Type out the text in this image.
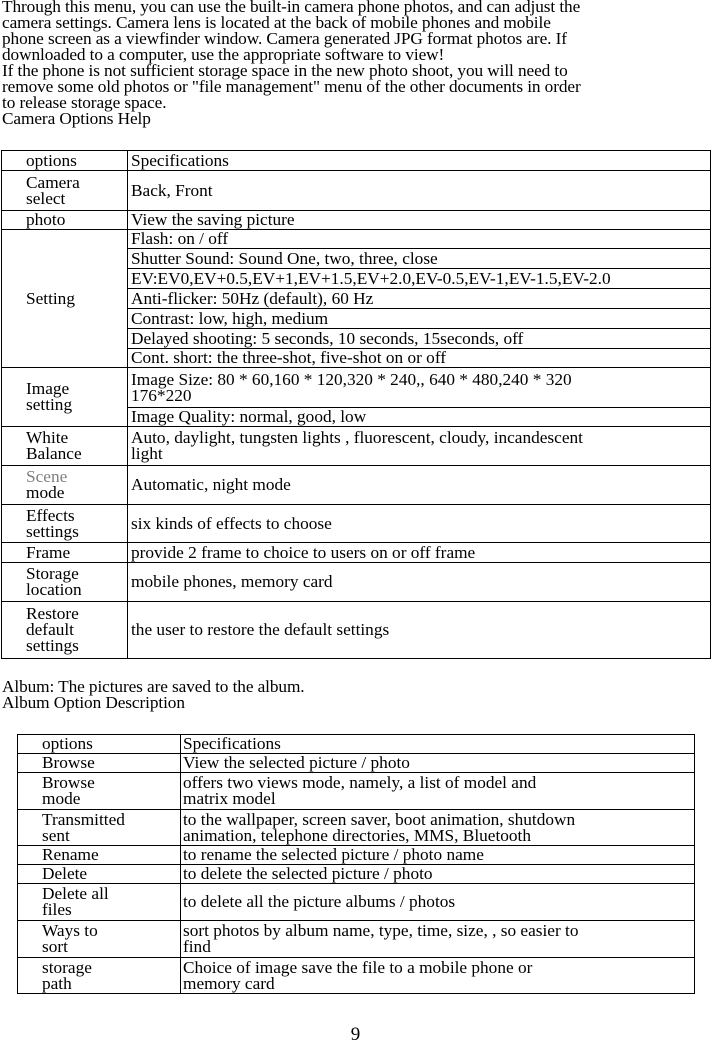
Through this menu, you can use the built-in camera phone photos, and can adjust the

camera settings. Camera lens is located at the back of mobile phones and mobile

phone screen as a viewfinder window. Camera generated JPG format photos are. If

downloaded to a computer, use the appropriate software to view!

If the phone is not sufficient storage space in the new photo shoot, you will need to

remove some old photos or "file management" menu of the other documents in order

to release storage space.

Camera Options Help
options	Specifications
Camera
select	Back, Front
photo	View the saving picture
Setting	Flash: on / off
	Shutter Sound: Sound One, two, three, close
	EV:EV0,EV+0.5,EV+1,EV+1.5,EV+2.0,EV-0.5,EV-1,EV-1.5,EV-2.0
	Anti-flicker: 50Hz (default), 60 Hz
	Contrast: low, high, medium
	Delayed shooting: 5 seconds, 10 seconds, 15seconds, off
	Cont. short: the three-shot, five-shot on or off
Image
setting	Image Size: 80 * 60,160 * 120,320 * 240,, 640 * 480,240 * 320
176*220
	Image Quality: normal, good, low
White
Balance	Auto, daylight, tungsten lights , fluorescent, cloudy, incandescent
light
Scene
mode	Automatic, night mode
Effects
settings	six kinds of effects to choose
Frame	provide 2 frame to choice to users on or off frame
Storage
location	mobile phones, memory card
Restore
default
settings	the user to restore the default settings
Album: The pictures are saved to the album.
Album Option Description
options	Specifications
Browse	View the selected picture / photo
Browse
mode	offers two views mode, namely, a list of model and
matrix model
Transmitted
sent	to the wallpaper, screen saver, boot animation, shutdown
animation, telephone directories, MMS, Bluetooth
Rename	to rename the selected picture / photo name
Delete	to delete the selected picture / photo
Delete all
files	to delete all the picture albums / photos
Ways to
sort	sort photos by album name, type, time, size, , so easier to
find
storage
path	Choice of image save the file to a mobile phone or
memory card
9
